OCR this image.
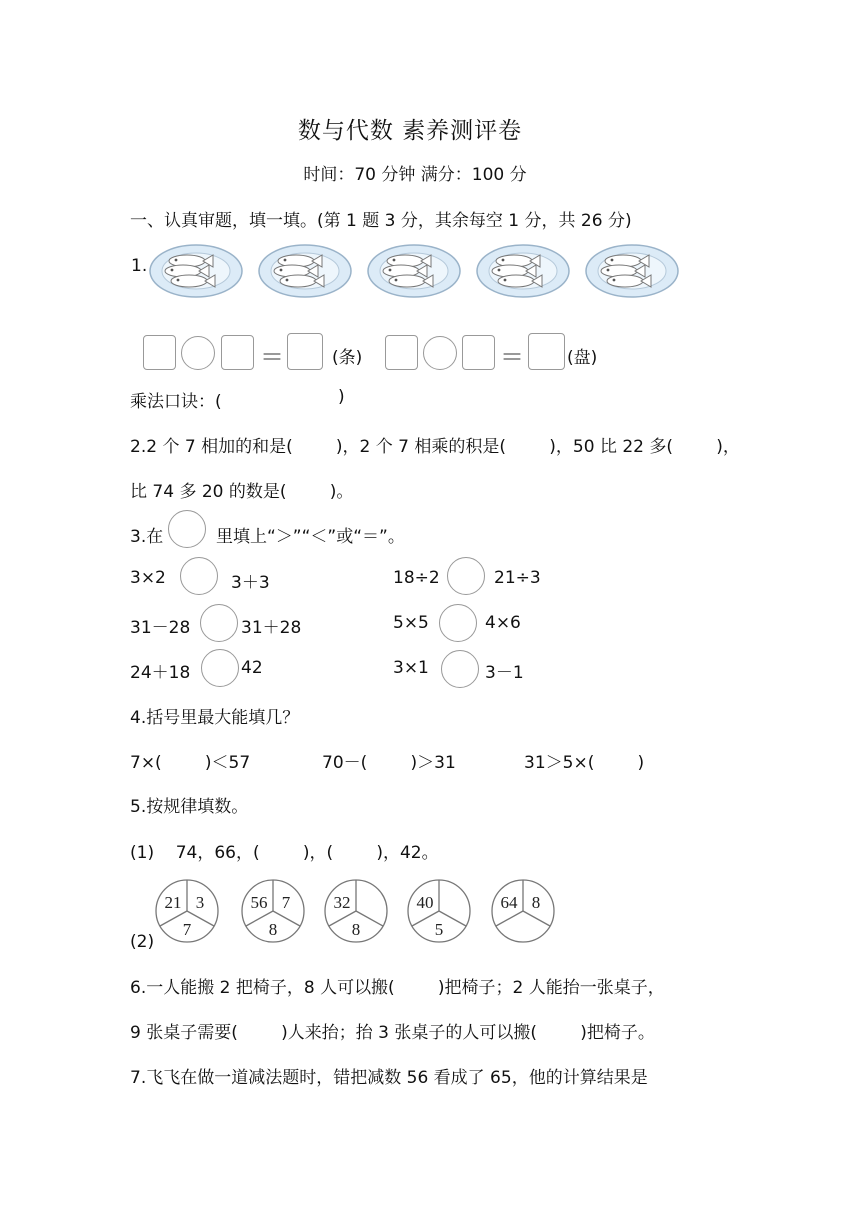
数与代数 素养测评卷
时间：70 分钟 满分：100 分
一、认真审题，填一填。(第 1 题 3 分，其余每空 1 分，共 26 分)
1.
＝	(条)	＝	(盘)
乘法口诀：(	)
2.2 个 7 相加的和是(        )，2 个 7 相乘的积是(        )，50 比 22 多(        )，
比 74 多 20 的数是(        )。
3.在	里填上“＞”“＜”或“＝”。
3×2	3＋3	18÷2	21÷3
31－28	31＋28	5×5	4×6
24＋18	42	3×1	3－1
4.括号里最大能填几？
7×(        )＜57	70－(        )＞31	31＞5×(        )
5.按规律填数。
(1)    74，66，(        )，(        )，42。
21 3
7
56 7
8
32
8
40
5
64 8
(2)
6.一人能搬 2 把椅子，8 人可以搬(        )把椅子；2 人能抬一张桌子，
9 张桌子需要(        )人来抬；抬 3 张桌子的人可以搬(        )把椅子。
7.飞飞在做一道减法题时，错把减数 56 看成了 65，他的计算结果是
